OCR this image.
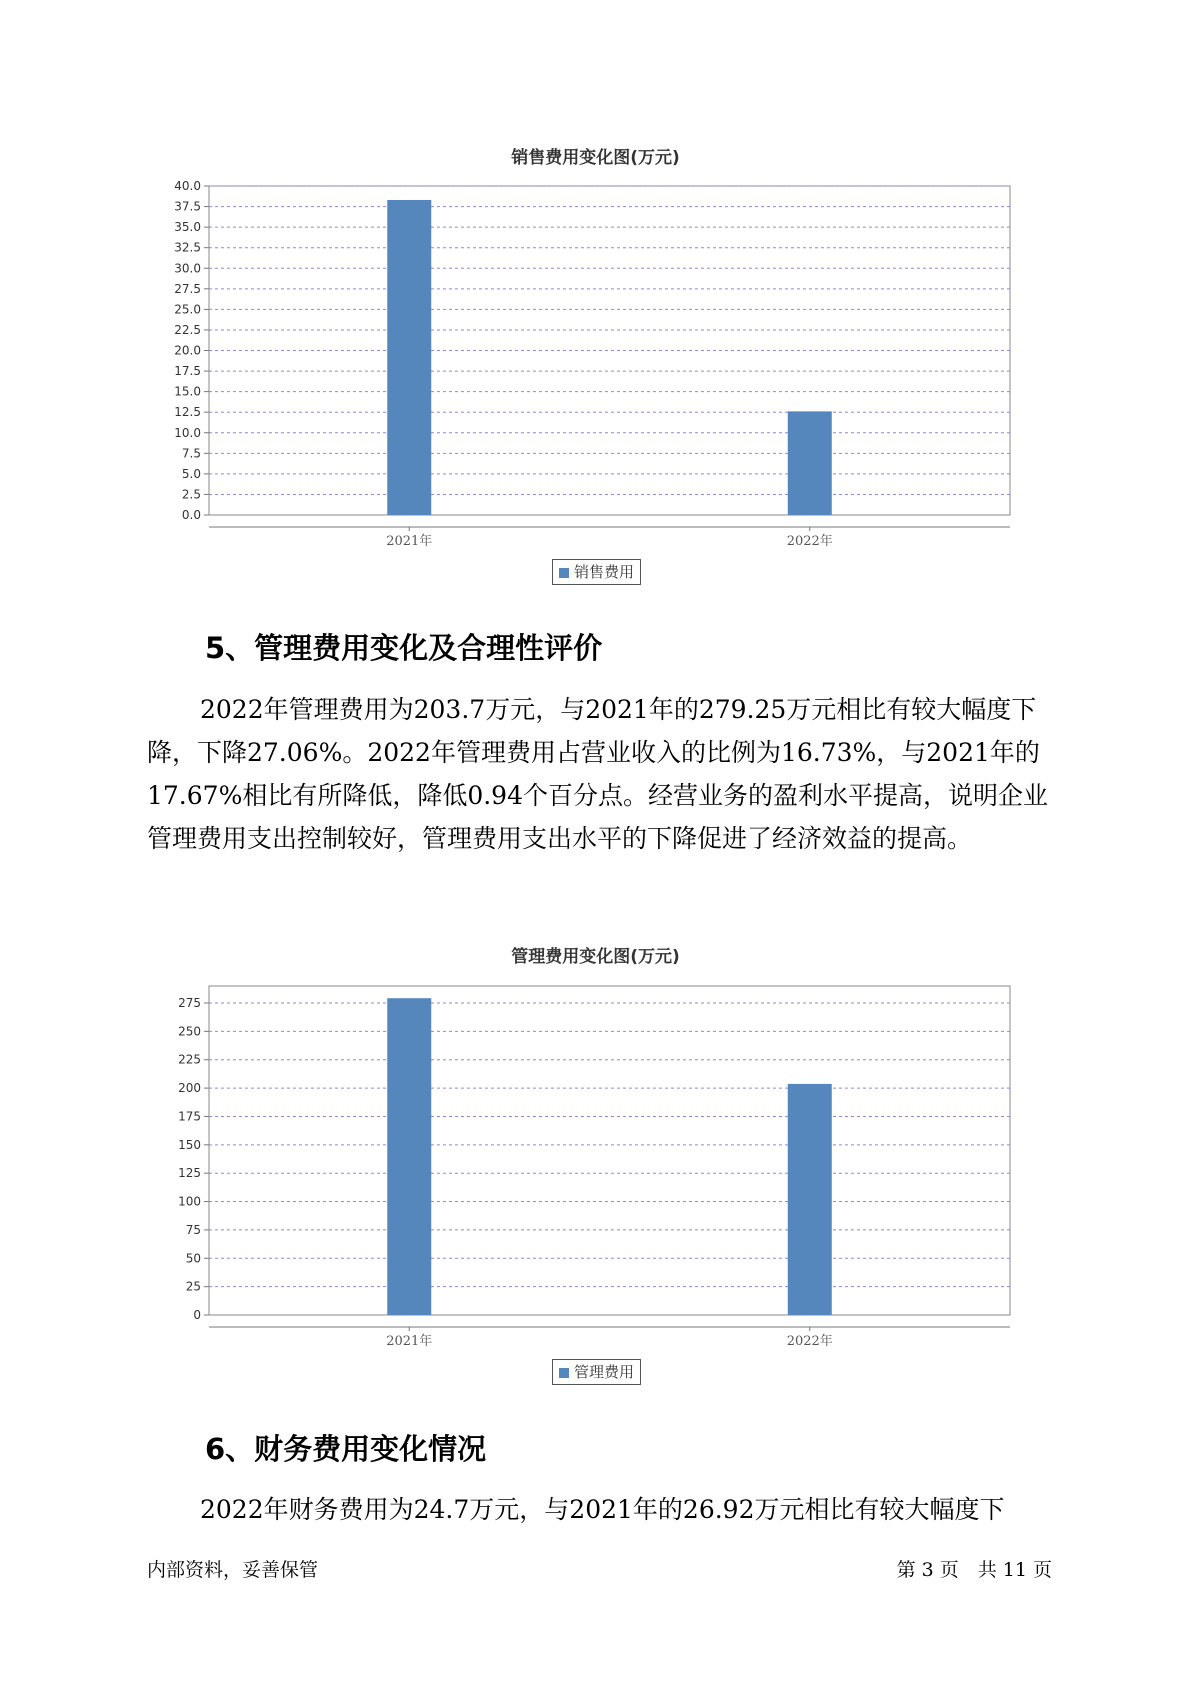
销售费用变化图(万元)
0.0
2.5
5.0
7.5
10.0
12.5
15.0
17.5
20.0
22.5
25.0
27.5
30.0
32.5
35.0
37.5
40.0
2021年	2022年
销售费用
5、管理费用变化及合理性评价

2022年管理费用为203.7万元，与2021年的279.25万元相比有较大幅度下降，下降27.06%。2022年管理费用占营业收入的比例为16.73%，与2021年的17.67%相比有所降低，降低0.94个百分点。经营业务的盈利水平提高，说明企业管理费用支出控制较好，管理费用支出水平的下降促进了经济效益的提高。

管理费用变化图(万元)
0
25
50
75
100
125
150
175
200
225
250
275
2021年	2022年
管理费用
6、财务费用变化情况

2022年财务费用为24.7万元，与2021年的26.92万元相比有较大幅度下

内部资料，妥善保管	第 3 页　共 11 页
